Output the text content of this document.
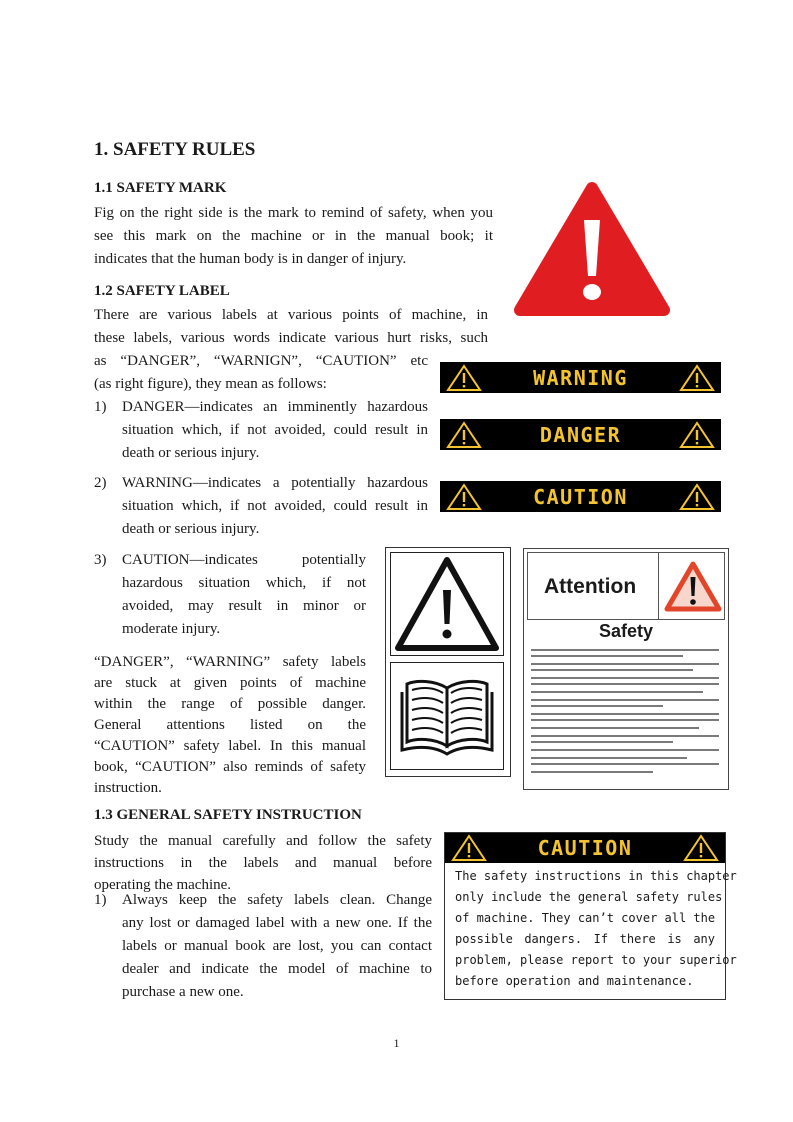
1. SAFETY RULES
1.1 SAFETY MARK
Fig on the right side is the mark to remind of safety, when you
see this mark on the machine or in the manual book; it
indicates that the human body is in danger of injury.
1.2 SAFETY LABEL
There are various labels at various points of machine, in
these labels, various words indicate various hurt risks, such
as “DANGER”, “WARNIGN”, “CAUTION” etc
(as right figure), they mean as follows:
1) DANGER—indicates an imminently hazardous
situation which, if not avoided, could result in
death or serious injury.
2) WARNING—indicates a potentially hazardous
situation which, if not avoided, could result in
death or serious injury.
3) CAUTION—indicates potentially
hazardous situation which, if not
avoided, may result in minor or
moderate injury.
“DANGER”, “WARNING” safety labels
are stuck at given points of machine
within the range of possible danger.
General attentions listed on the
“CAUTION” safety label. In this manual
book, “CAUTION” also reminds of safety
instruction.
WARNING
DANGER
CAUTION
Attention
Safety
1.3 GENERAL SAFETY INSTRUCTION
Study the manual carefully and follow the safety
instructions in the labels and manual before
operating the machine.
1) Always keep the safety labels clean. Change
any lost or damaged label with a new one. If the
labels or manual book are lost, you can contact
dealer and indicate the model of machine to
purchase a new one.
CAUTION
The safety instructions in this chapter
only include the general safety rules
of machine. They can’t cover all the
possible dangers. If there is any
problem, please report to your superior
before operation and maintenance.
1
